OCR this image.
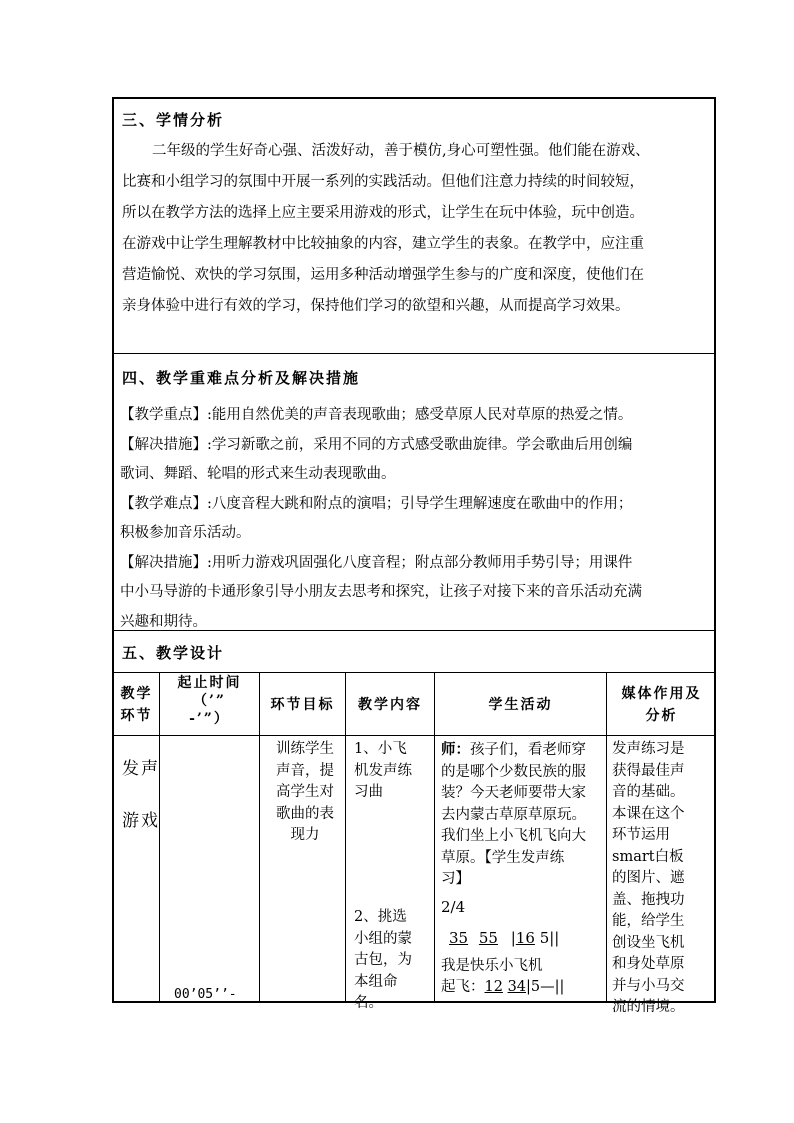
三、学情分析
二年级的学生好奇心强、活泼好动，善于模仿,身心可塑性强。他们能在游戏、
比赛和小组学习的氛围中开展一系列的实践活动。但他们注意力持续的时间较短，
所以在教学方法的选择上应主要采用游戏的形式，让学生在玩中体验，玩中创造。
在游戏中让学生理解教材中比较抽象的内容，建立学生的表象。在教学中，应注重
营造愉悦、欢快的学习氛围，运用多种活动增强学生参与的广度和深度，使他们在
亲身体验中进行有效的学习，保持他们学习的欲望和兴趣，从而提高学习效果。
四、教学重难点分析及解决措施
【教学重点】:能用自然优美的声音表现歌曲；感受草原人民对草原的热爱之情。
【解决措施】:学习新歌之前，采用不同的方式感受歌曲旋律。学会歌曲后用创编
歌词、舞蹈、轮唱的形式来生动表现歌曲。
【教学难点】:八度音程大跳和附点的演唱；引导学生理解速度在歌曲中的作用；
积极参加音乐活动。
【解决措施】:用听力游戏巩固强化八度音程；附点部分教师用手势引导；用课件
中小马导游的卡通形象引导小朋友去思考和探究，让孩子对接下来的音乐活动充满
兴趣和期待。
五、教学设计
教学
环节
起止时间
（’”
-’”）
环节目标	教学内容	学生活动
媒体作用及
分析
发声
游戏
00’05’’-
训练学生
声音，提
高学生对
歌曲的表
现力
1、小飞
机发声练
习曲
2、挑选
小组的蒙
古包，为
本组命
名。
师：孩子们，看老师穿
的是哪个少数民族的服
装？今天老师要带大家
去内蒙古草原草原玩。
我们坐上小飞机飞向大
草原。【学生发声练
习】
2/4
35 55 |16 5||
我是快乐小飞机
起飞：12 34|5—||
发声练习是
获得最佳声
音的基础。
本课在这个
环节运用
smart白板
的图片、遮
盖、拖拽功
能，给学生
创设坐飞机
和身处草原
并与小马交
流的情境。
